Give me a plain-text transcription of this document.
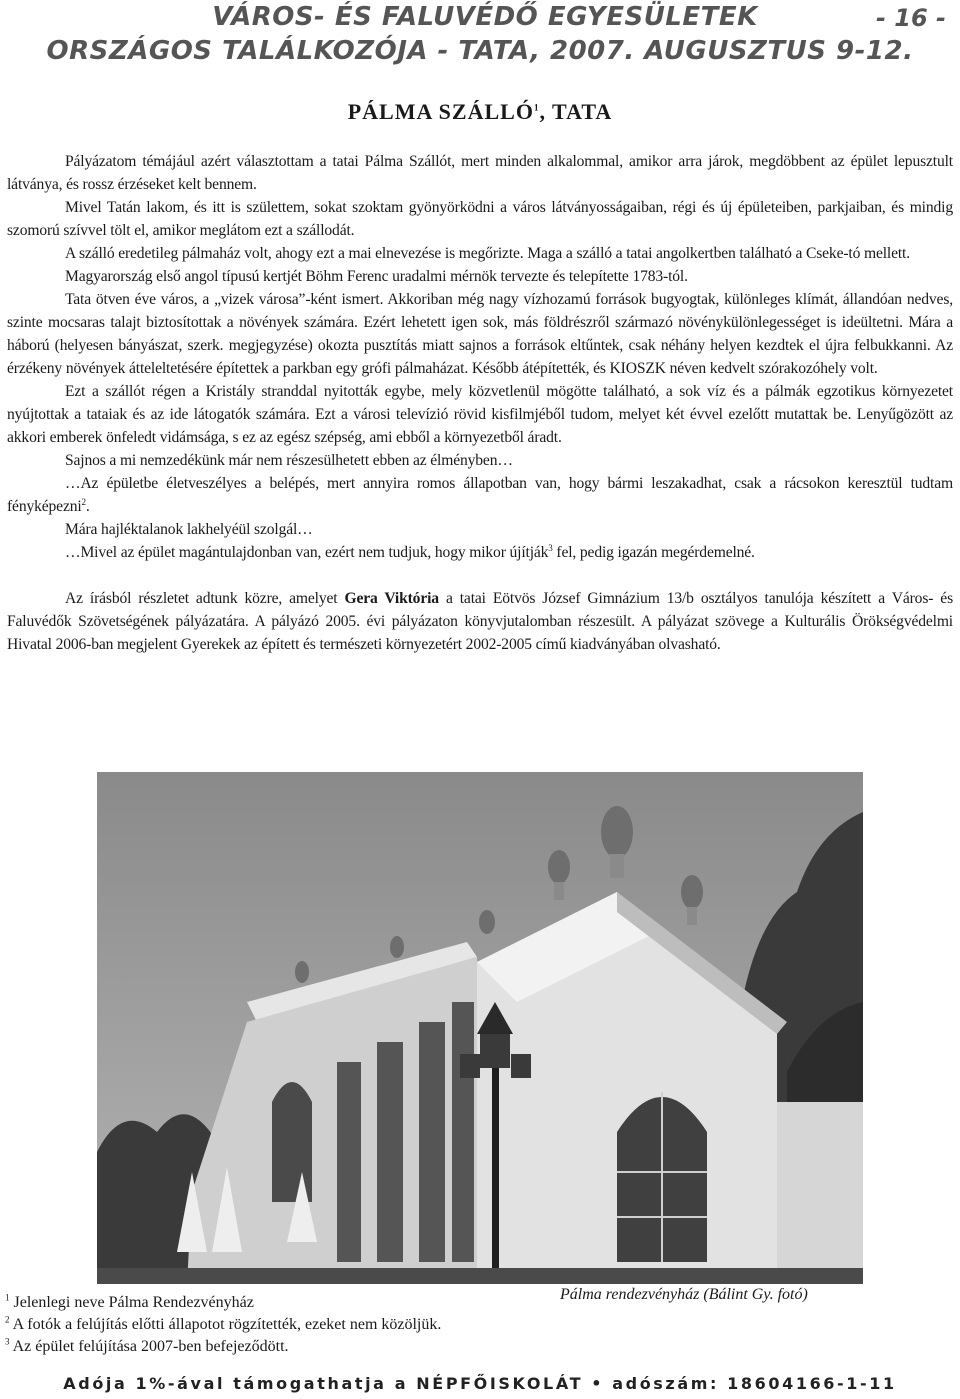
VÁROS- ÉS FALUVÉDŐ EGYESÜLETEK
ORSZÁGOS TALÁLKOZÓJA - TATA, 2007. AUGUSZTUS 9-12.
- 16 -
PÁLMA SZÁLLÓ$^1$, TATA

Pályázatom témájául azért választottam a tatai Pálma Szállót, mert minden alkalommal, amikor arra járok, megdöbbent az épület lepusztult látványa, és rossz érzéseket kelt bennem.

Mivel Tatán lakom, és itt is születtem, sokat szoktam gyönyörködni a város látványosságaiban, régi és új épületeiben, parkjaiban, és mindig szomorú szívvel tölt el, amikor meglátom ezt a szállodát.

A szálló eredetileg pálmaház volt, ahogy ezt a mai elnevezése is megőrizte. Maga a szálló a tatai angolkertben található a Cseke-tó mellett.

Magyarország első angol típusú kertjét Böhm Ferenc uradalmi mérnök tervezte és telepítette 1783-tól.

Tata ötven éve város, a „vizek városa”-ként ismert. Akkoriban még nagy vízhozamú források bugyogtak, különleges klímát, állandóan nedves, szinte mocsaras talajt biztosítottak a növények számára. Ezért lehetett igen sok, más földrészről származó növénykülönlegességet is ideültetni. Mára a háború (helyesen bányászat, szerk. megjegyzése) okozta pusztítás miatt sajnos a források eltűntek, csak néhány helyen kezdtek el újra felbukkanni. Az érzékeny növények átteleltetésére építettek a parkban egy grófi pálmaházat. Később átépítették, és KIOSZK néven kedvelt szórakozóhely volt.

Ezt a szállót régen a Kristály stranddal nyitották egybe, mely közvetlenül mögötte található, a sok víz és a pálmák egzotikus környezetet nyújtottak a tataiak és az ide látogatók számára. Ezt a városi televízió rövid kisfilmjéből tudom, melyet két évvel ezelőtt mutattak be. Lenyűgözött az akkori emberek önfeledt vidámsága, s ez az egész szépség, ami ebből a környezetből áradt.

Sajnos a mi nemzedékünk már nem részesülhetett ebben az élményben…

…Az épületbe életveszélyes a belépés, mert annyira romos állapotban van, hogy bármi leszakadhat, csak a rácsokon keresztül tudtam fényképezni$^2$.

Mára hajléktalanok lakhelyéül szolgál…

…Mivel az épület magántulajdonban van, ezért nem tudjuk, hogy mikor újítják$^3$ fel, pedig igazán megérdemelné.

Az írásból részletet adtunk közre, amelyet Gera Viktória a tatai Eötvös József Gimnázium 13/b osztályos tanulója készített a Város- és Faluvédők Szövetségének pályázatára. A pályázó 2005. évi pályázaton könyvjutalomban részesült. A pályázat szövege a Kulturális Örökségvédelmi Hivatal 2006-ban megjelent Gyerekek az épített és természeti környezetért 2002-2005 című kiadványában olvasható.

Pálma rendezvényház (Bálint Gy. fotó)
$^1$ Jelenlegi neve Pálma Rendezvényház
$^2$ A fotók a felújítás előtti állapotot rögzítették, ezeket nem közöljük.
$^3$ Az épület felújítása 2007-ben befejeződött.
Adója 1%-ával támogathatja a NÉPFŐISKOLÁT • adószám: 18604166-1-11
